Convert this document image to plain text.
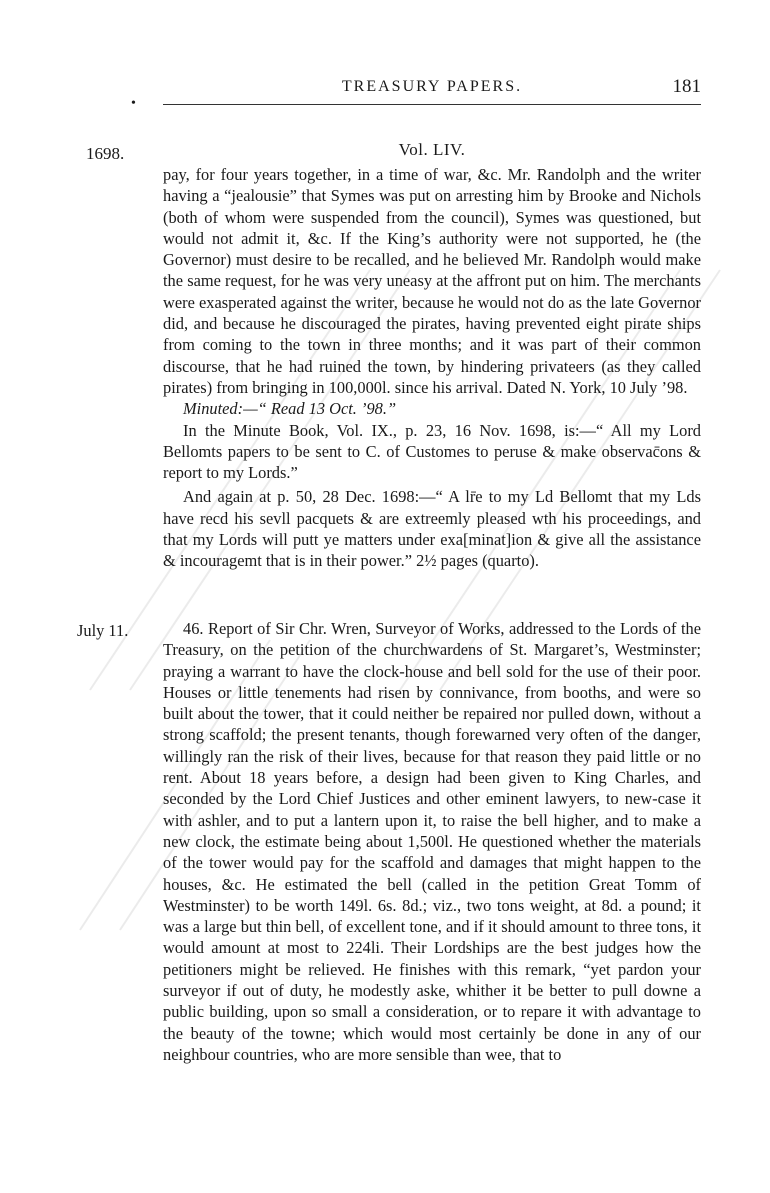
TREASURY PAPERS.	181
•
1698.	Vol. LIV.

pay, for four years together, in a time of war, &c. Mr. Randolph and the writer having a “jealousie” that Symes was put on arresting him by Brooke and Nichols (both of whom were suspended from the council), Symes was questioned, but would not admit it, &c. If the King’s authority were not supported, he (the Governor) must desire to be recalled, and he believed Mr. Randolph would make the same request, for he was very uneasy at the affront put on him. The merchants were exasperated against the writer, because he would not do as the late Governor did, and because he discouraged the pirates, having prevented eight pirate ships from coming to the town in three months; and it was part of their common discourse, that he had ruined the town, by hindering privateers (as they called pirates) from bringing in 100,000l. since his arrival. Dated N. York, 10 July ’98.

Minuted:—“ Read 13 Oct. ’98.”

In the Minute Book, Vol. IX., p. 23, 16 Nov. 1698, is:—“ All my Lord Bellomts papers to be sent to C. of Customes to peruse & make observac̄ons & report to my Lords.”

And again at p. 50, 28 Dec. 1698:—“ A lr̄e to my Ld Bellomt that my Lds have recd his sevll pacquets & are extreemly pleased wth his proceedings, and that my Lords will putt ye matters under exa[minat]ion & give all the assistance & incouragemt that is in their power.” 2½ pages (quarto).

July 11.	46. Report of Sir Chr. Wren, Surveyor of Works, addressed to the Lords of the Treasury, on the petition of the churchwardens of St. Margaret’s, Westminster; praying a warrant to have the clock-house and bell sold for the use of their poor. Houses or little tenements had risen by connivance, from booths, and were so built about the tower, that it could neither be repaired nor pulled down, without a strong scaffold; the present tenants, though forewarned very often of the danger, willingly ran the risk of their lives, because for that reason they paid little or no rent. About 18 years before, a design had been given to King Charles, and seconded by the Lord Chief Justices and other eminent lawyers, to new-case it with ashler, and to put a lantern upon it, to raise the bell higher, and to make a new clock, the estimate being about 1,500l. He questioned whether the materials of the tower would pay for the scaffold and damages that might happen to the houses, &c. He estimated the bell (called in the petition Great Tomm of Westminster) to be worth 149l. 6s. 8d.; viz., two tons weight, at 8d. a pound; it was a large but thin bell, of excellent tone, and if it should amount to three tons, it would amount at most to 224li. Their Lordships are the best judges how the petitioners might be relieved. He finishes with this remark, “yet pardon your surveyor if out of duty, he modestly aske, whither it be better to pull downe a public building, upon so small a consideration, or to repare it with advantage to the beauty of the towne; which would most certainly be done in any of our neighbour countries, who are more sensible than wee, that to
